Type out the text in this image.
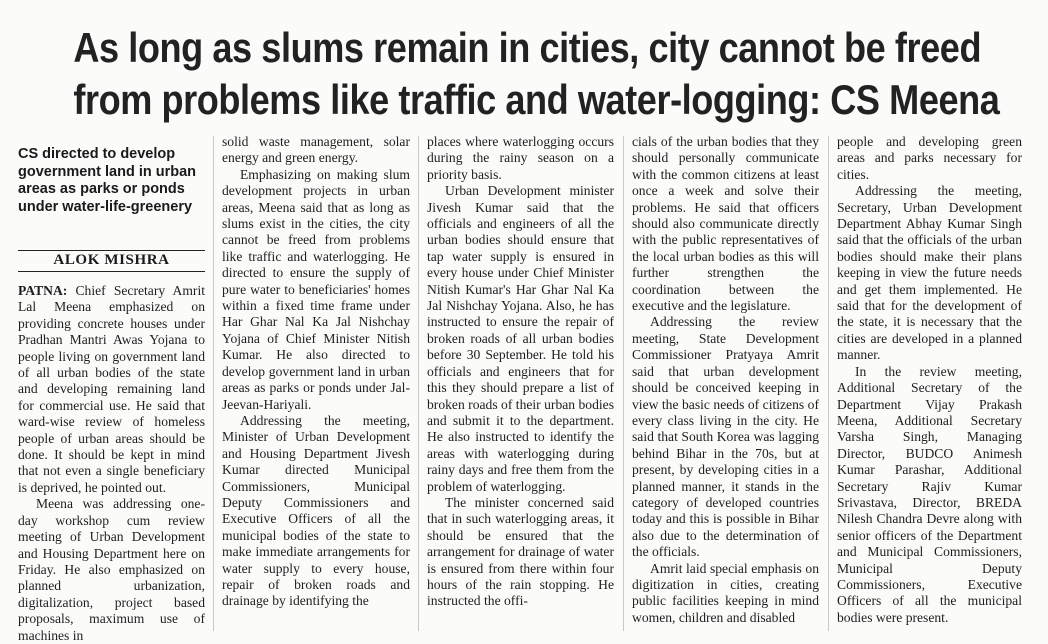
As long as slums remain in cities, city cannot be freed
from problems like traffic and water-logging: CS Meena
CS directed to develop government land in urban areas as parks or ponds under water-life-greenery
ALOK MISHRA

PATNA: Chief Secretary Amrit Lal Meena emphasized on providing concrete houses under Pradhan Mantri Awas Yojana to people living on government land of all urban bodies of the state and developing remaining land for commercial use. He said that ward-wise review of homeless people of urban areas should be done. It should be kept in mind that not even a single beneficiary is deprived, he pointed out.

Meena was addressing one-day workshop cum review meeting of Urban Development and Housing Department here on Friday. He also emphasized on planned urbanization, digitalization, project based proposals, maximum use of machines in

solid waste management, solar energy and green energy.

Emphasizing on making slum development projects in urban areas, Meena said that as long as slums exist in the cities, the city cannot be freed from problems like traffic and waterlogging. He directed to ensure the supply of pure water to beneficiaries' homes within a fixed time frame under Har Ghar Nal Ka Jal Nishchay Yojana of Chief Minister Nitish Kumar. He also directed to develop government land in urban areas as parks or ponds under Jal-Jeevan-Hariyali.

Addressing the meeting, Minister of Urban Development and Housing Department Jivesh Kumar directed Municipal Commissioners, Municipal Deputy Commissioners and Executive Officers of all the municipal bodies of the state to make immediate arrangements for water supply to every house, repair of broken roads and drainage by identifying the

places where waterlogging occurs during the rainy season on a priority basis.

Urban Development minister Jivesh Kumar said that the officials and engineers of all the urban bodies should ensure that tap water supply is ensured in every house under Chief Minister Nitish Kumar's Har Ghar Nal Ka Jal Nishchay Yojana. Also, he has instructed to ensure the repair of broken roads of all urban bodies before 30 September. He told his officials and engineers that for this they should prepare a list of broken roads of their urban bodies and submit it to the department. He also instructed to identify the areas with waterlogging during rainy days and free them from the problem of waterlogging.

The minister concerned said that in such waterlogging areas, it should be ensured that the arrangement for drainage of water is ensured from there within four hours of the rain stopping. He instructed the offi-

cials of the urban bodies that they should personally communicate with the common citizens at least once a week and solve their problems. He said that officers should also communicate directly with the public representatives of the local urban bodies as this will further strengthen the coordination between the executive and the legislature.

Addressing the review meeting, State Development Commissioner Pratyaya Amrit said that urban development should be conceived keeping in view the basic needs of citizens of every class living in the city. He said that South Korea was lagging behind Bihar in the 70s, but at present, by developing cities in a planned manner, it stands in the category of developed countries today and this is possible in Bihar also due to the determination of the officials.

Amrit laid special emphasis on digitization in cities, creating public facilities keeping in mind women, children and disabled

people and developing green areas and parks necessary for cities.

Addressing the meeting, Secretary, Urban Development Department Abhay Kumar Singh said that the officials of the urban bodies should make their plans keeping in view the future needs and get them implemented. He said that for the development of the state, it is necessary that the cities are developed in a planned manner.

In the review meeting, Additional Secretary of the Department Vijay Prakash Meena, Additional Secretary Varsha Singh, Managing Director, BUDCO Animesh Kumar Parashar, Additional Secretary Rajiv Kumar Srivastava, Director, BREDA Nilesh Chandra Devre along with senior officers of the Department and Municipal Commissioners, Municipal Deputy Commissioners, Executive Officers of all the municipal bodies were present.
